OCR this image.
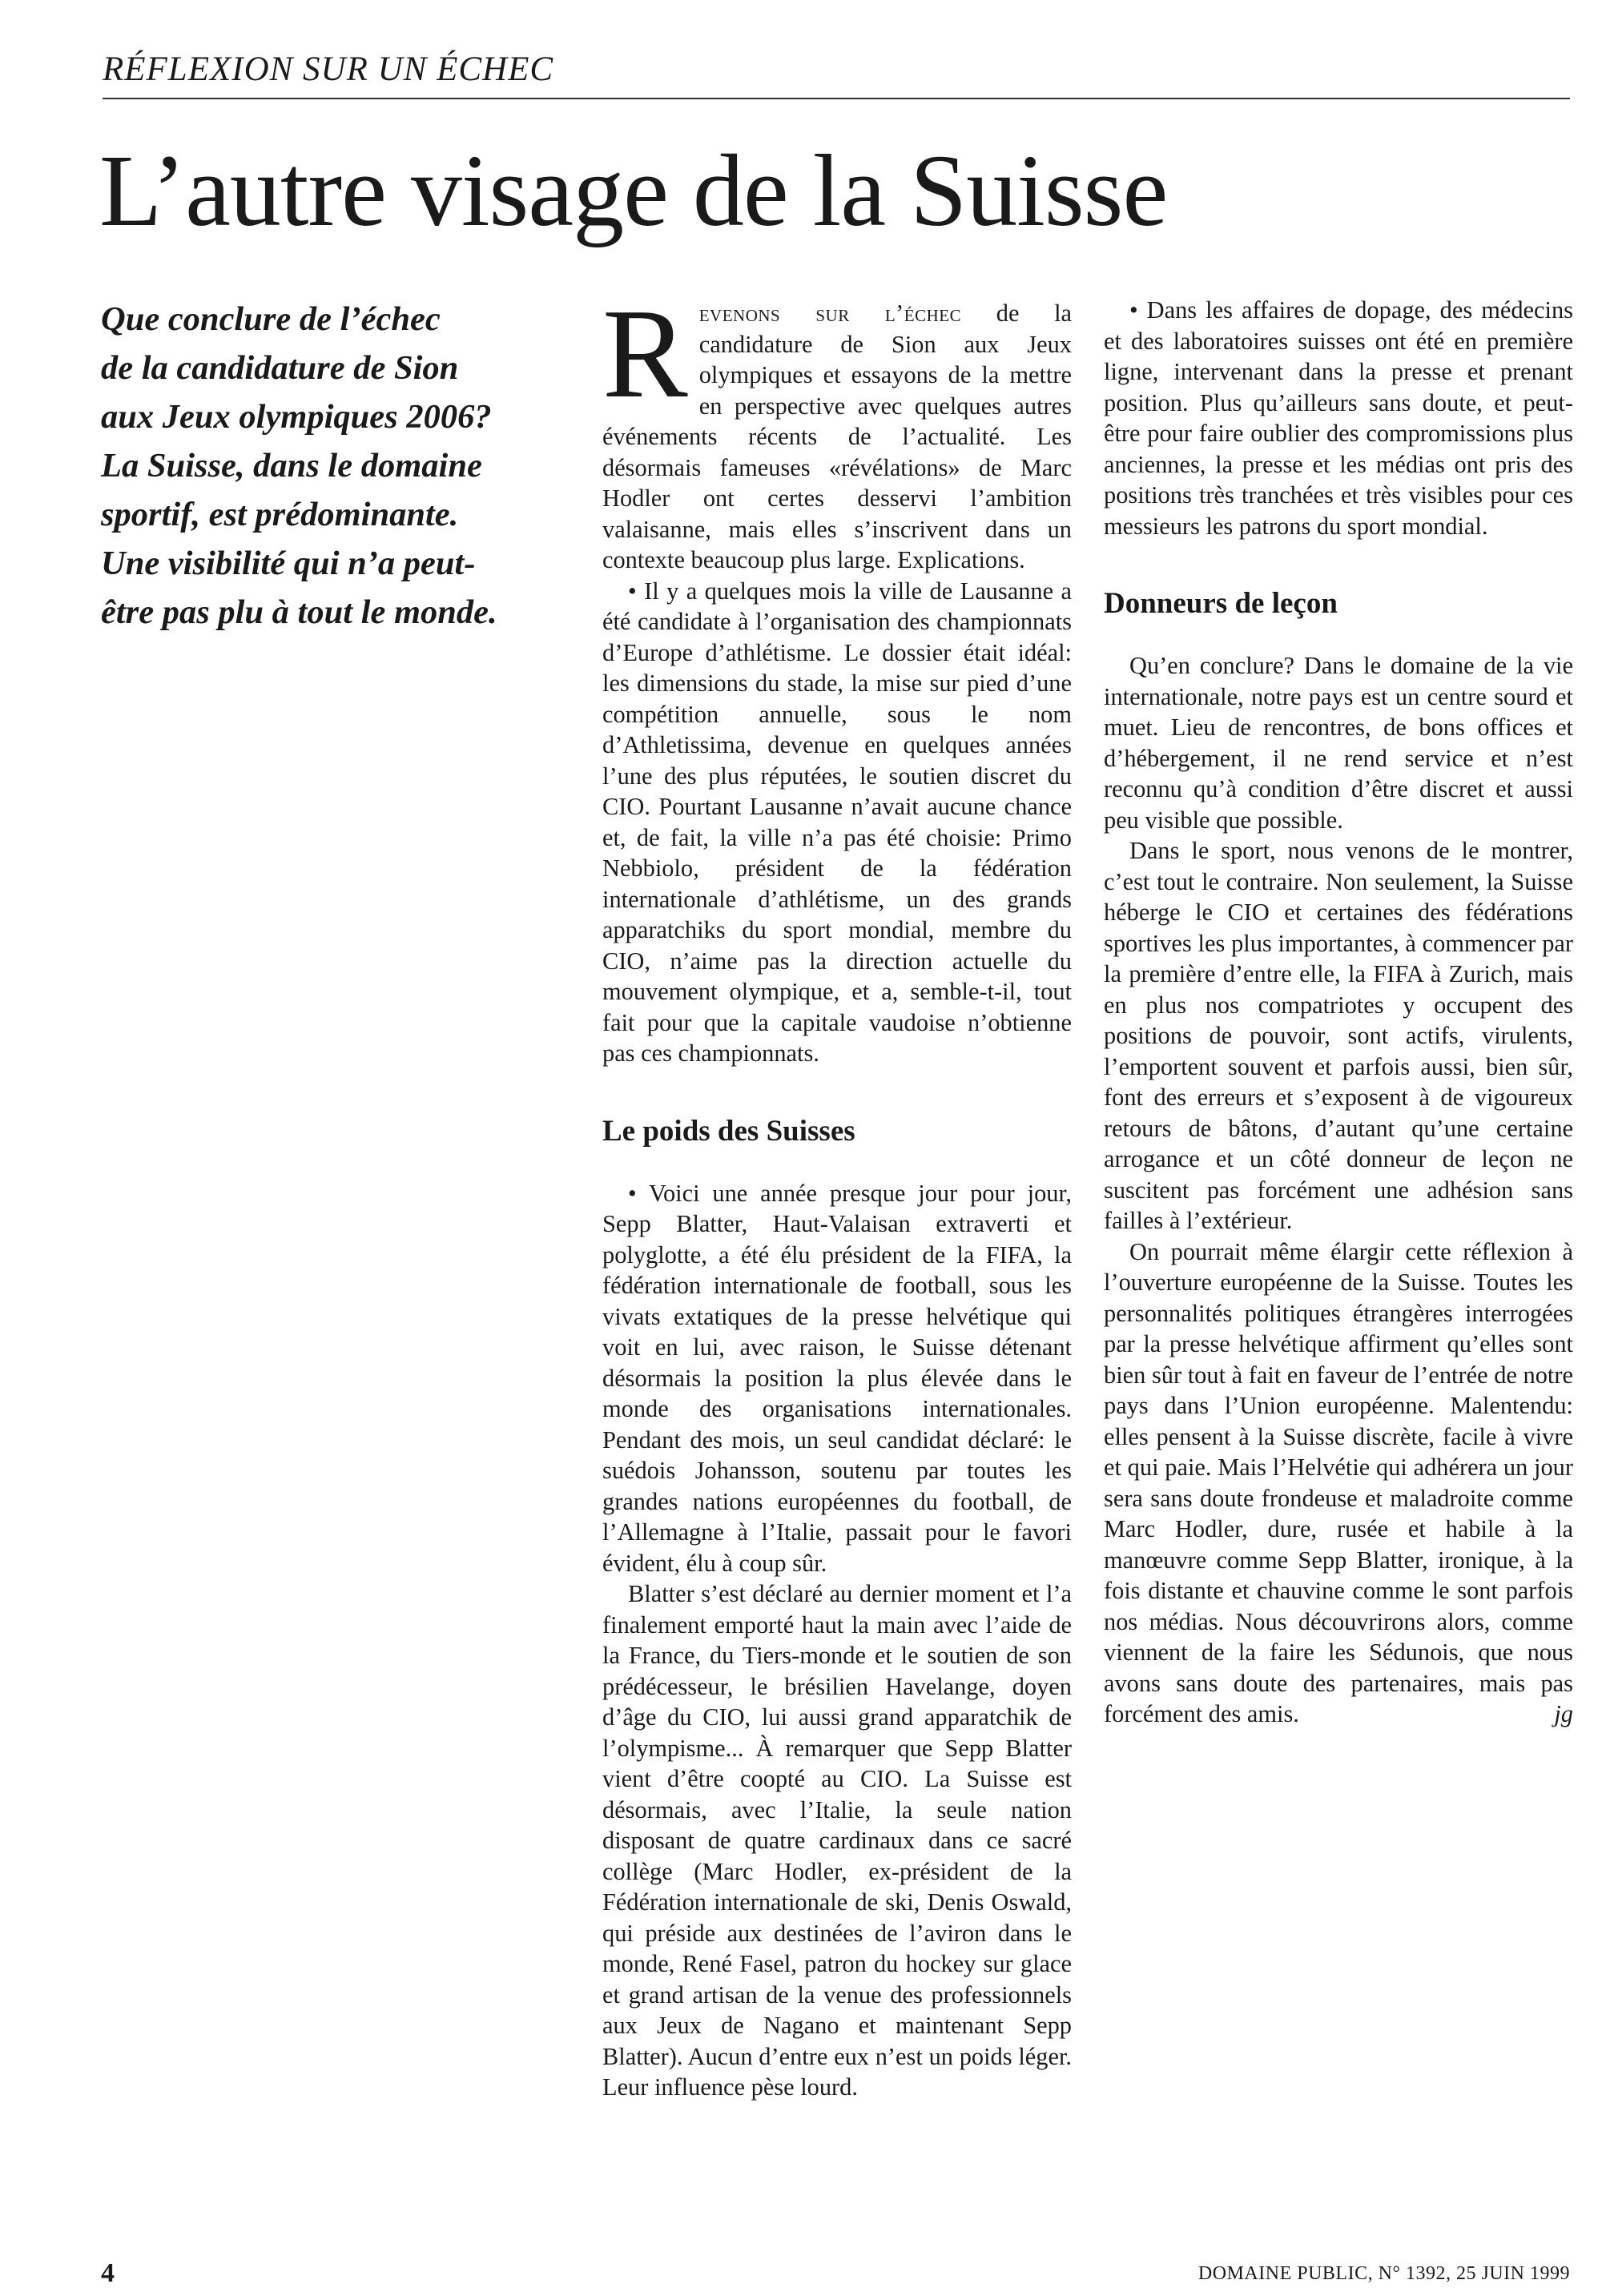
RÉFLEXION SUR UN ÉCHEC
L’autre visage de la Suisse
Que conclure de l’échec
de la candidature de Sion
aux Jeux olympiques 2006?
La Suisse, dans le domaine
sportif, est prédominante.
Une visibilité qui n’a peut-
être pas plu à tout le monde.

Revenons sur l’échec de la candidature de Sion aux Jeux olympiques et essayons de la mettre en perspective avec quelques autres événements récents de l’actualité. Les désormais fameuses «révélations» de Marc Hodler ont certes desservi l’ambition valaisanne, mais elles s’inscrivent dans un contexte beaucoup plus large. Explications.

• Il y a quelques mois la ville de Lausanne a été candidate à l’organisation des championnats d’Europe d’athlétisme. Le dossier était idéal: les dimensions du stade, la mise sur pied d’une compétition annuelle, sous le nom d’Athletissima, devenue en quelques années l’une des plus réputées, le soutien discret du CIO. Pourtant Lausanne n’avait aucune chance et, de fait, la ville n’a pas été choisie: Primo Nebbiolo, président de la fédération internationale d’athlétisme, un des grands apparatchiks du sport mondial, membre du CIO, n’aime pas la direction actuelle du mouvement olympique, et a, semble-t-il, tout fait pour que la capitale vaudoise n’obtienne pas ces championnats.

Le poids des Suisses

• Voici une année presque jour pour jour, Sepp Blatter, Haut-Valaisan extraverti et polyglotte, a été élu président de la FIFA, la fédération internationale de football, sous les vivats extatiques de la presse helvétique qui voit en lui, avec raison, le Suisse détenant désormais la position la plus élevée dans le monde des organisations internationales. Pendant des mois, un seul candidat déclaré: le suédois Johansson, soutenu par toutes les grandes nations européennes du football, de l’Allemagne à l’Italie, passait pour le favori évident, élu à coup sûr.

Blatter s’est déclaré au dernier moment et l’a finalement emporté haut la main avec l’aide de la France, du Tiers-monde et le soutien de son prédécesseur, le brésilien Havelange, doyen d’âge du CIO, lui aussi grand apparatchik de l’olympisme... À remarquer que Sepp Blatter vient d’être coopté au CIO. La Suisse est désormais, avec l’Italie, la seule nation disposant de quatre cardinaux dans ce sacré collège (Marc Hodler, ex-président de la Fédération internationale de ski, Denis Oswald, qui préside aux destinées de l’aviron dans le monde, René Fasel, patron du hockey sur glace et grand artisan de la venue des professionnels aux Jeux de Nagano et maintenant Sepp Blatter). Aucun d’entre eux n’est un poids léger. Leur influence pèse lourd.

• Dans les affaires de dopage, des médecins et des laboratoires suisses ont été en première ligne, intervenant dans la presse et prenant position. Plus qu’ailleurs sans doute, et peut-être pour faire oublier des compromissions plus anciennes, la presse et les médias ont pris des positions très tranchées et très visibles pour ces messieurs les patrons du sport mondial.

Donneurs de leçon

Qu’en conclure? Dans le domaine de la vie internationale, notre pays est un centre sourd et muet. Lieu de rencontres, de bons offices et d’hébergement, il ne rend service et n’est reconnu qu’à condition d’être discret et aussi peu visible que possible.

Dans le sport, nous venons de le montrer, c’est tout le contraire. Non seulement, la Suisse héberge le CIO et certaines des fédérations sportives les plus importantes, à commencer par la première d’entre elle, la FIFA à Zurich, mais en plus nos compatriotes y occupent des positions de pouvoir, sont actifs, virulents, l’emportent souvent et parfois aussi, bien sûr, font des erreurs et s’exposent à de vigoureux retours de bâtons, d’autant qu’une certaine arrogance et un côté donneur de leçon ne suscitent pas forcément une adhésion sans failles à l’extérieur.

On pourrait même élargir cette réflexion à l’ouverture européenne de la Suisse. Toutes les personnalités politiques étrangères interrogées par la presse helvétique affirment qu’elles sont bien sûr tout à fait en faveur de l’entrée de notre pays dans l’Union européenne. Malentendu: elles pensent à la Suisse discrète, facile à vivre et qui paie. Mais l’Helvétie qui adhérera un jour sera sans doute frondeuse et maladroite comme Marc Hodler, dure, rusée et habile à la manœuvre comme Sepp Blatter, ironique, à la fois distante et chauvine comme le sont parfois nos médias. Nous découvrirons alors, comme viennent de la faire les Sédunois, que nous avons sans doute des partenaires, mais pas forcément des amis.	jg

4	DOMAINE PUBLIC, N° 1392, 25 JUIN 1999
